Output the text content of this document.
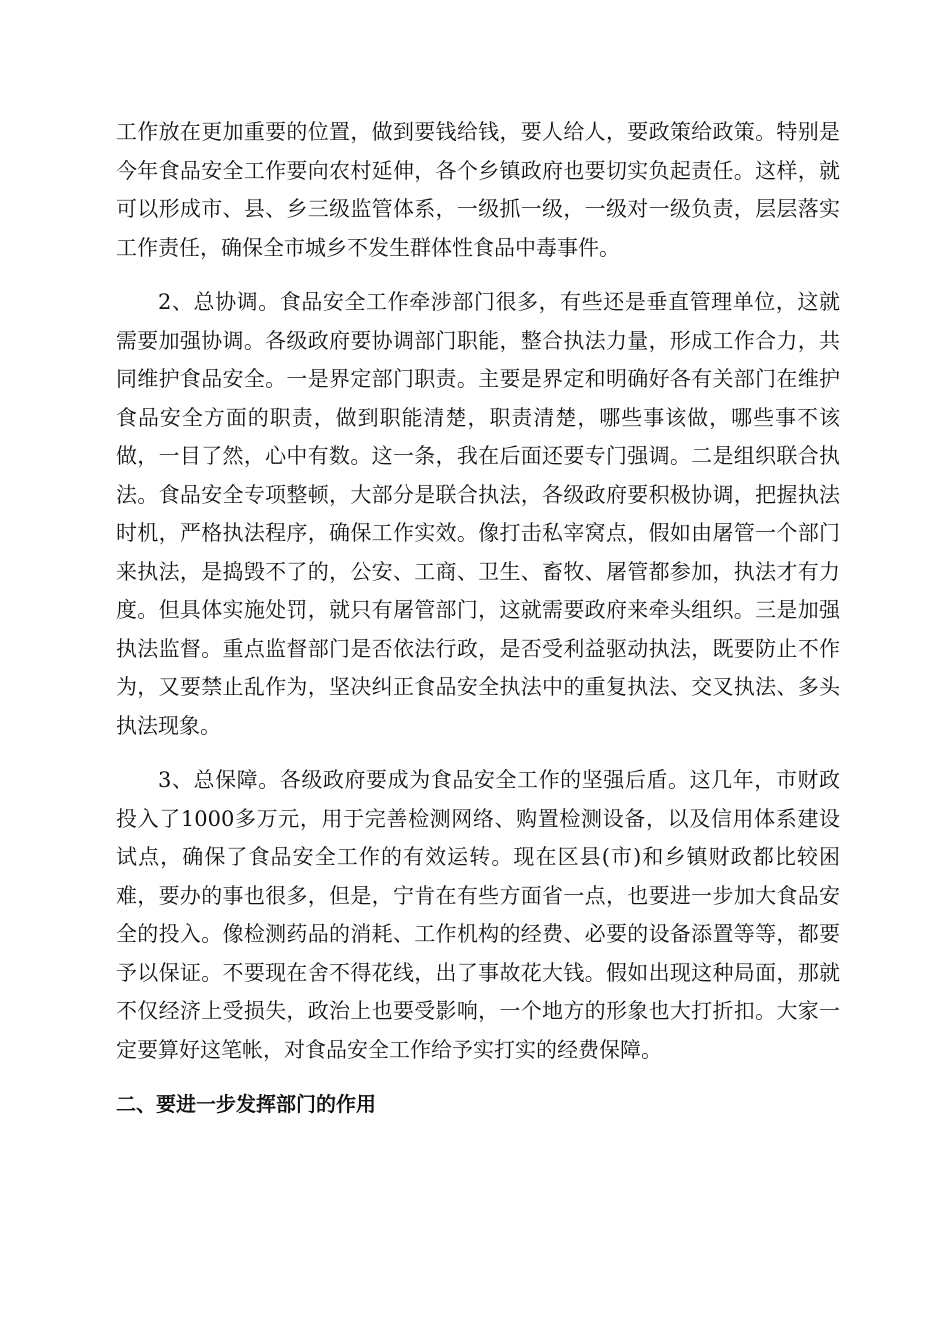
工作放在更加重要的位置，做到要钱给钱，要人给人，要政策给政策。特别是今年食品安全工作要向农村延伸，各个乡镇政府也要切实负起责任。这样，就可以形成市、县、乡三级监管体系，一级抓一级，一级对一级负责，层层落实工作责任，确保全市城乡不发生群体性食品中毒事件。

2、总协调。食品安全工作牵涉部门很多，有些还是垂直管理单位，这就需要加强协调。各级政府要协调部门职能，整合执法力量，形成工作合力，共同维护食品安全。一是界定部门职责。主要是界定和明确好各有关部门在维护食品安全方面的职责，做到职能清楚，职责清楚，哪些事该做，哪些事不该做，一目了然，心中有数。这一条，我在后面还要专门强调。二是组织联合执法。食品安全专项整顿，大部分是联合执法，各级政府要积极协调，把握执法时机，严格执法程序，确保工作实效。像打击私宰窝点，假如由屠管一个部门来执法，是捣毁不了的，公安、工商、卫生、畜牧、屠管都参加，执法才有力度。但具体实施处罚，就只有屠管部门，这就需要政府来牵头组织。三是加强执法监督。重点监督部门是否依法行政，是否受利益驱动执法，既要防止不作为，又要禁止乱作为，坚决纠正食品安全执法中的重复执法、交叉执法、多头执法现象。

3、总保障。各级政府要成为食品安全工作的坚强后盾。这几年，市财政投入了1000多万元，用于完善检测网络、购置检测设备，以及信用体系建设试点，确保了食品安全工作的有效运转。现在区县(市)和乡镇财政都比较困难，要办的事也很多，但是，宁肯在有些方面省一点，也要进一步加大食品安全的投入。像检测药品的消耗、工作机构的经费、必要的设备添置等等，都要予以保证。不要现在舍不得花线，出了事故花大钱。假如出现这种局面，那就不仅经济上受损失，政治上也要受影响，一个地方的形象也大打折扣。大家一定要算好这笔帐，对食品安全工作给予实打实的经费保障。

二、要进一步发挥部门的作用
